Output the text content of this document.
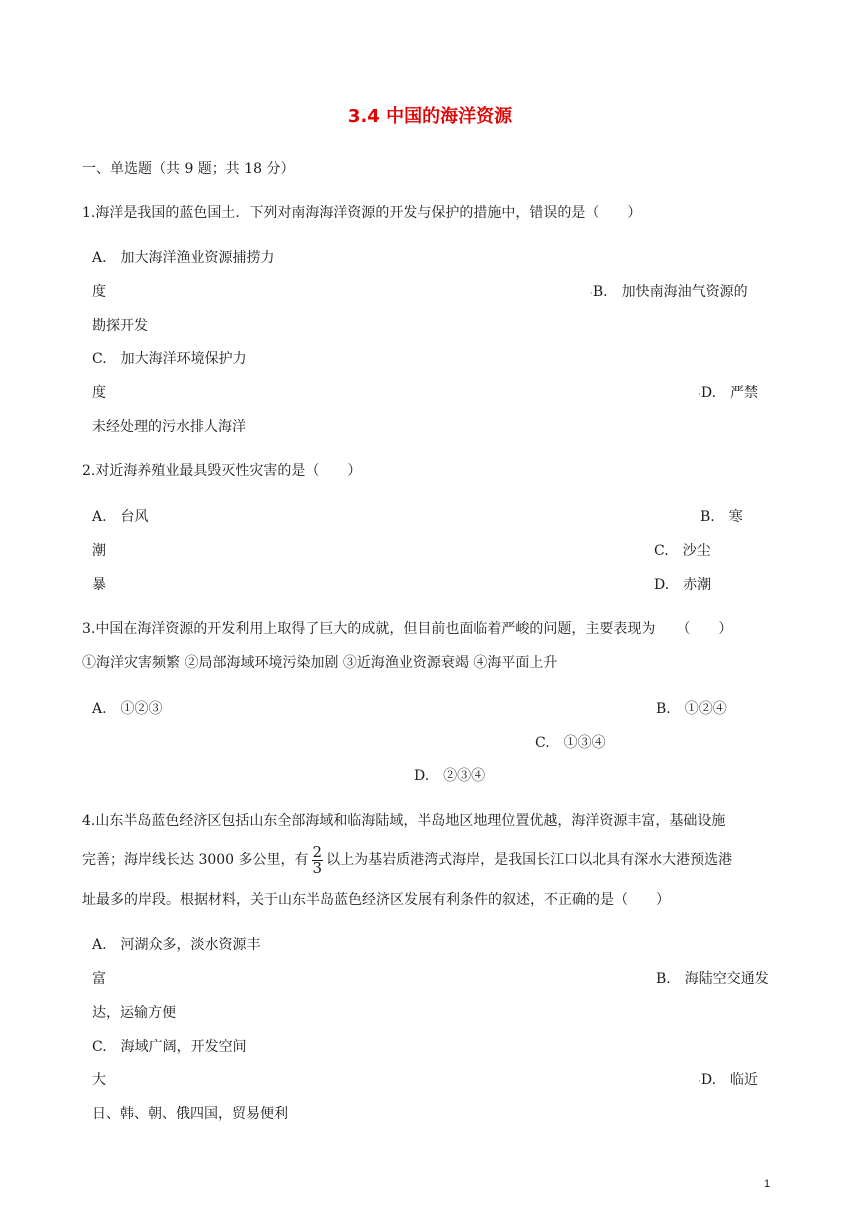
3.4 中国的海洋资源
一、单选题（共 9 题；共 18 分）
1.海洋是我国的蓝色国土．下列对南海海洋资源的开发与保护的措施中，错误的是（　　）
A.　加大海洋渔业资源捕捞力
度	·B.　加快南海油气资源的
勘探开发
C.　加大海洋环境保护力
度	·D.　严禁
未经处理的污水排人海洋
2.对近海养殖业最具毁灭性灾害的是（　　）
A.　台风	B.　寒
潮	C.　沙尘
暴	D.　赤潮
3.中国在海洋资源的开发利用上取得了巨大的成就，但目前也面临着严峻的问题，主要表现为　　（　　）
①海洋灾害频繁 ②局部海域环境污染加剧 ③近海渔业资源衰竭 ④海平面上升
A.　①②③	B.　①②④
C.　①③④
D.　②③④
4.山东半岛蓝色经济区包括山东全部海域和临海陆域，半岛地区地理位置优越，海洋资源丰富，基础设施
完善；海岸线长达 3000 多公里，有 $\frac{2}{3}$ 以上为基岩质港湾式海岸，是我国长江口以北具有深水大港预选港
址最多的岸段。根据材料，关于山东半岛蓝色经济区发展有利条件的叙述，不正确的是（　　）
A.　河湖众多，淡水资源丰
富	B.　海陆空交通发
达，运输方便
C.　海域广阔，开发空间
大	·D.　临近
日、韩、朝、俄四国，贸易便利
1
